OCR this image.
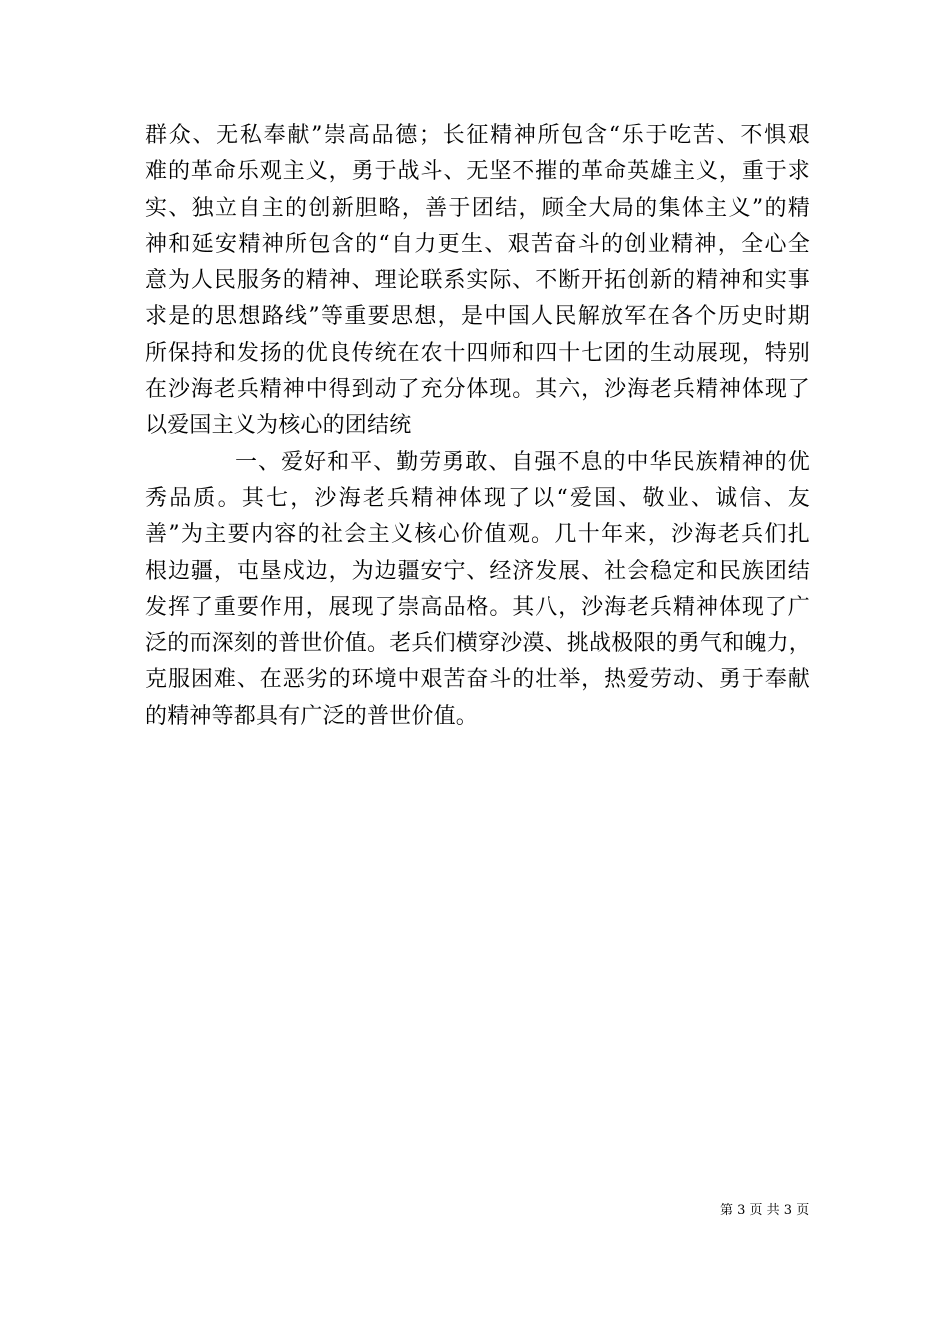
群众、无私奉献”崇高品德；长征精神所包含“乐于吃苦、不惧艰
难的革命乐观主义，勇于战斗、无坚不摧的革命英雄主义，重于求
实、独立自主的创新胆略，善于团结，顾全大局的集体主义”的精
神和延安精神所包含的“自力更生、艰苦奋斗的创业精神，全心全
意为人民服务的精神、理论联系实际、不断开拓创新的精神和实事
求是的思想路线”等重要思想，是中国人民解放军在各个历史时期
所保持和发扬的优良传统在农十四师和四十七团的生动展现，特别
在沙海老兵精神中得到动了充分体现。其六，沙海老兵精神体现了
以爱国主义为核心的团结统
一、爱好和平、勤劳勇敢、自强不息的中华民族精神的优
秀品质。其七，沙海老兵精神体现了以“爱国、敬业、诚信、友
善”为主要内容的社会主义核心价值观。几十年来，沙海老兵们扎
根边疆，屯垦戍边，为边疆安宁、经济发展、社会稳定和民族团结
发挥了重要作用，展现了崇高品格。其八，沙海老兵精神体现了广
泛的而深刻的普世价值。老兵们横穿沙漠、挑战极限的勇气和魄力，
克服困难、在恶劣的环境中艰苦奋斗的壮举，热爱劳动、勇于奉献
的精神等都具有广泛的普世价值。
第 3 页 共 3 页
